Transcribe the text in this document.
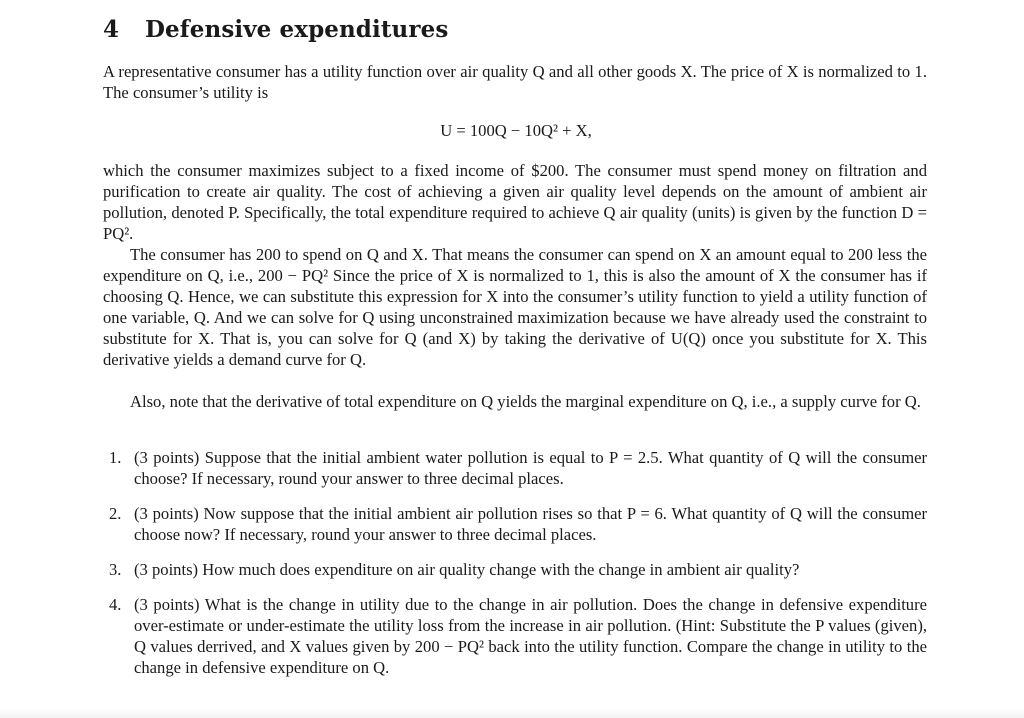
4 Defensive expenditures
A representative consumer has a utility function over air quality Q and all other goods X. The price of X is normalized to 1. The consumer’s utility is
U = 100Q − 10Q² + X,
which the consumer maximizes subject to a fixed income of $200. The consumer must spend money on filtration and purification to create air quality. The cost of achieving a given air quality level depends on the amount of ambient air pollution, denoted P. Specifically, the total expenditure required to achieve Q air quality (units) is given by the function D = PQ².
The consumer has 200 to spend on Q and X. That means the consumer can spend on X an amount equal to 200 less the expenditure on Q, i.e., 200 − PQ² Since the price of X is normalized to 1, this is also the amount of X the consumer has if choosing Q. Hence, we can substitute this expression for X into the consumer’s utility function to yield a utility function of one variable, Q. And we can solve for Q using unconstrained maximization because we have already used the constraint to substitute for X. That is, you can solve for Q (and X) by taking the derivative of U(Q) once you substitute for X. This derivative yields a demand curve for Q.
Also, note that the derivative of total expenditure on Q yields the marginal expenditure on Q, i.e., a supply curve for Q.
1. (3 points) Suppose that the initial ambient water pollution is equal to P = 2.5. What quantity of Q will the consumer choose? If necessary, round your answer to three decimal places.
2. (3 points) Now suppose that the initial ambient air pollution rises so that P = 6. What quantity of Q will the consumer choose now? If necessary, round your answer to three decimal places.
3. (3 points) How much does expenditure on air quality change with the change in ambient air quality?
4. (3 points) What is the change in utility due to the change in air pollution. Does the change in defensive expenditure over-estimate or under-estimate the utility loss from the increase in air pollution. (Hint: Substitute the P values (given), Q values derrived, and X values given by 200 − PQ² back into the utility function. Compare the change in utility to the change in defensive expenditure on Q.
